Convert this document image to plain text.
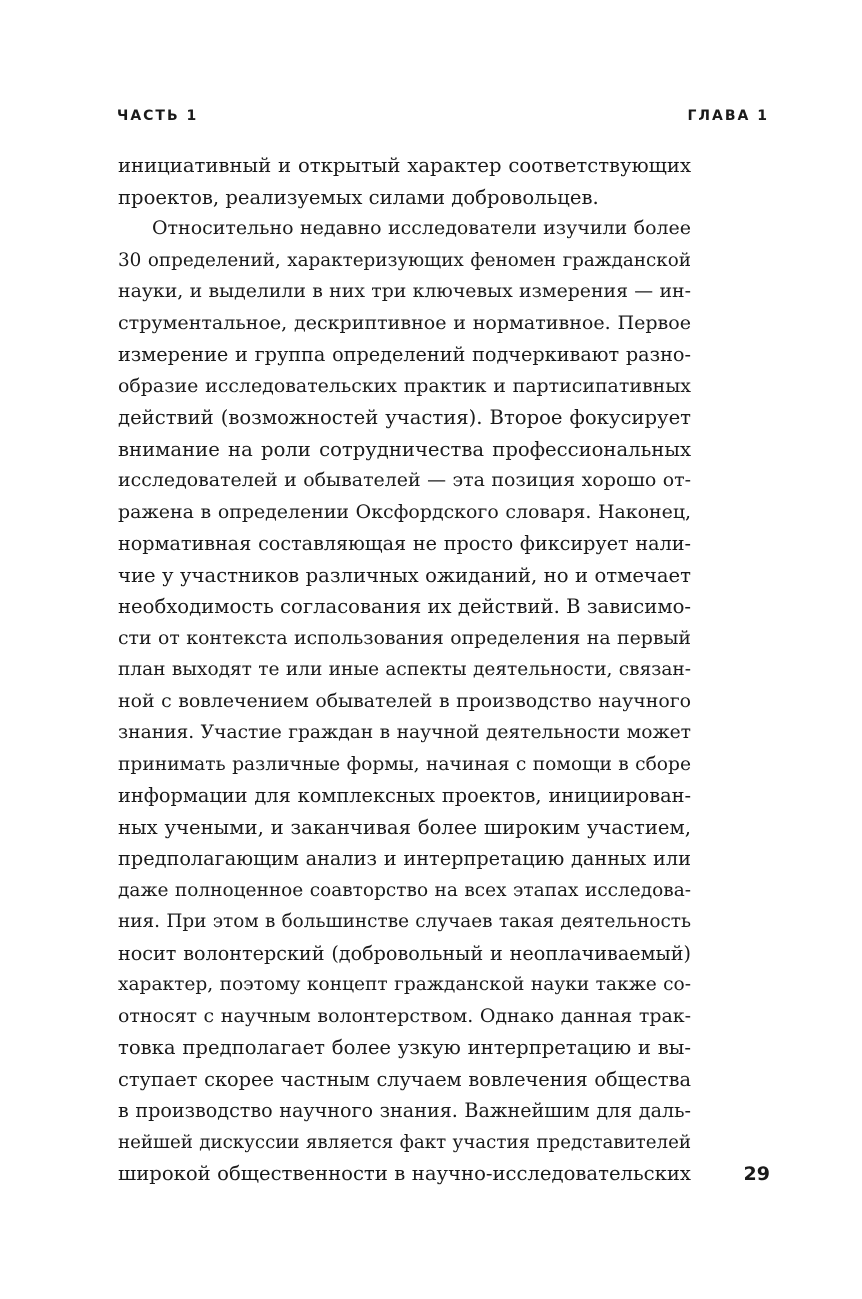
ЧАСТЬ 1	ГЛАВА 1
инициативный и открытый характер соответствующих
проектов, реализуемых силами добровольцев.
Относительно недавно исследователи изучили более
30 определений, характеризующих феномен гражданской
науки, и выделили в них три ключевых измерения — ин-
струментальное, дескриптивное и нормативное. Первое
измерение и группа определений подчеркивают разно-
образие исследовательских практик и партисипативных
действий (возможностей участия). Второе фокусирует
внимание на роли сотрудничества профессиональных
исследователей и обывателей — эта позиция хорошо от-
ражена в определении Оксфордского словаря. Наконец,
нормативная составляющая не просто фиксирует нали-
чие у участников различных ожиданий, но и отмечает
необходимость согласования их действий. В зависимо-
сти от контекста использования определения на первый
план выходят те или иные аспекты деятельности, связан-
ной с вовлечением обывателей в производство научного
знания. Участие граждан в научной деятельности может
принимать различные формы, начиная с помощи в сборе
информации для комплексных проектов, инициирован-
ных учеными, и заканчивая более широким участием,
предполагающим анализ и интерпретацию данных или
даже полноценное соавторство на всех этапах исследова-
ния. При этом в большинстве случаев такая деятельность
носит волонтерский (добровольный и неоплачиваемый)
характер, поэтому концепт гражданской науки также со-
относят с научным волонтерством. Однако данная трак-
товка предполагает более узкую интерпретацию и вы-
ступает скорее частным случаем вовлечения общества
в производство научного знания. Важнейшим для даль-
нейшей дискуссии является факт участия представителей
широкой общественности в научно-исследовательских	29
